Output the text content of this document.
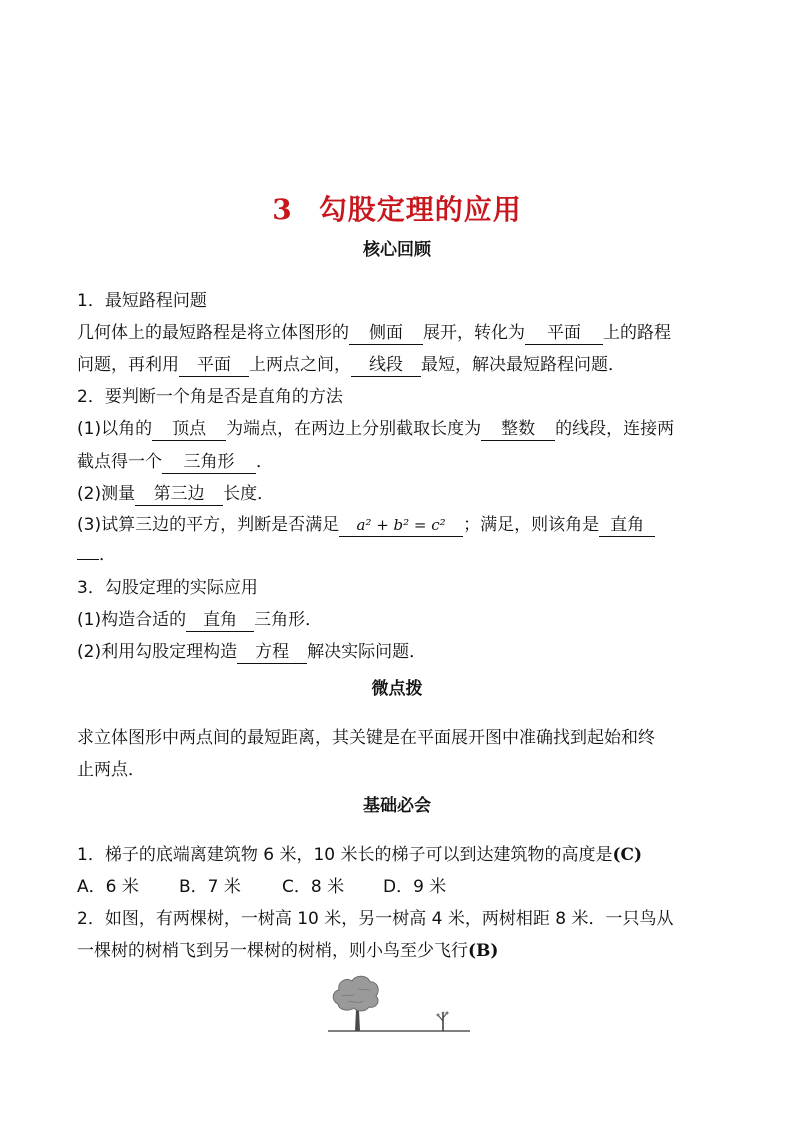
3 勾股定理的应用
核心回顾
1．最短路程问题
几何体上的最短路程是将立体图形的 侧面 展开，转化为 平面 上的路程
问题，再利用 平面 上两点之间， 线段 最短，解决最短路程问题．
2．要判断一个角是否是直角的方法
(1)以角的 顶点 为端点，在两边上分别截取长度为 整数 的线段，连接两
截点得一个 三角形 ．
(2)测量 第三边 长度．
(3)试算三边的平方，判断是否满足 a² + b² = c² ；满足，则该角是 直角
．
3．勾股定理的实际应用
(1)构造合适的 直角 三角形．
(2)利用勾股定理构造 方程 解决实际问题．
微点拨
求立体图形中两点间的最短距离，其关键是在平面展开图中准确找到起始和终
止两点．
基础必会
1．梯子的底端离建筑物 6 米，10 米长的梯子可以到达建筑物的高度是(C)
A．6 米 B．7 米 C．8 米 D．9 米
2．如图，有两棵树，一树高 10 米，另一树高 4 米，两树相距 8 米．一只鸟从
一棵树的树梢飞到另一棵树的树梢，则小鸟至少飞行(B)
